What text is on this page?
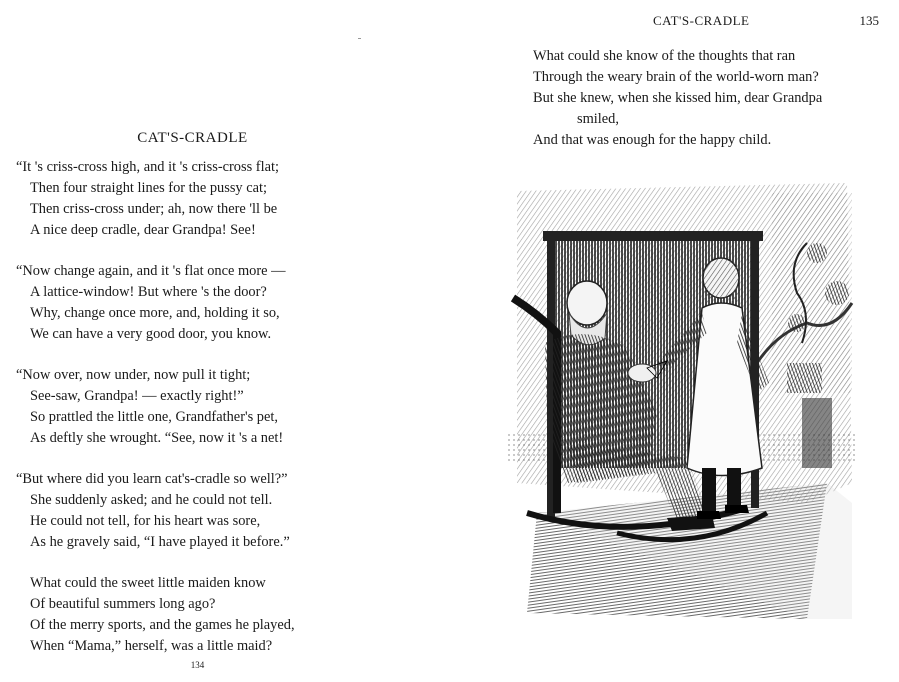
CAT'S-CRADLE
“It 's criss-cross high, and it 's criss-cross flat;
Then four straight lines for the pussy cat;
Then criss-cross under; ah, now there 'll be
A nice deep cradle, dear Grandpa! See!
“Now change again, and it 's flat once more —
A lattice-window! But where 's the door?
Why, change once more, and, holding it so,
We can have a very good door, you know.
“Now over, now under, now pull it tight;
See-saw, Grandpa! — exactly right!”
So prattled the little one, Grandfather's pet,
As deftly she wrought. “See, now it 's a net!
“But where did you learn cat's-cradle so well?”
She suddenly asked; and he could not tell.
He could not tell, for his heart was sore,
As he gravely said, “I have played it before.”
What could the sweet little maiden know
Of beautiful summers long ago?
Of the merry sports, and the games he played,
When “Mama,” herself, was a little maid?
134
CAT'S-CRADLE	135
What could she know of the thoughts that ran
Through the weary brain of the world-worn man?
But she knew, when she kissed him, dear Grandpa
smiled,
And that was enough for the happy child.
